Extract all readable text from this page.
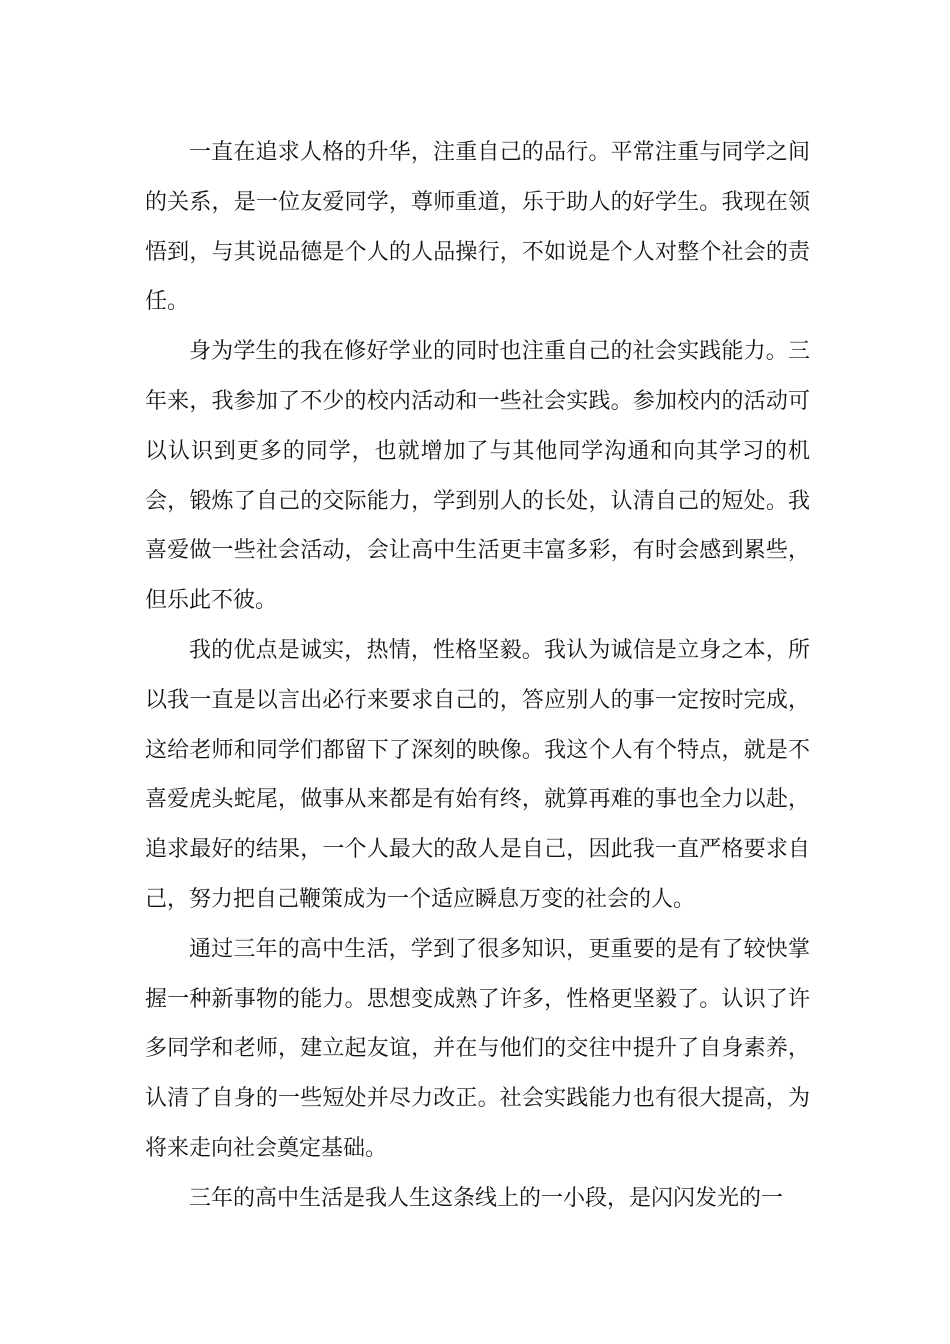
一直在追求人格的升华，注重自己的品行。平常注重与同学之间的关系，是一位友爱同学，尊师重道，乐于助人的好学生。我现在领悟到，与其说品德是个人的人品操行，不如说是个人对整个社会的责任。

身为学生的我在修好学业的同时也注重自己的社会实践能力。三年来，我参加了不少的校内活动和一些社会实践。参加校内的活动可以认识到更多的同学，也就增加了与其他同学沟通和向其学习的机会，锻炼了自己的交际能力，学到别人的长处，认清自己的短处。我喜爱做一些社会活动，会让高中生活更丰富多彩，有时会感到累些，但乐此不彼。

我的优点是诚实，热情，性格坚毅。我认为诚信是立身之本，所以我一直是以言出必行来要求自己的，答应别人的事一定按时完成，这给老师和同学们都留下了深刻的映像。我这个人有个特点，就是不喜爱虎头蛇尾，做事从来都是有始有终，就算再难的事也全力以赴，追求最好的结果，一个人最大的敌人是自己，因此我一直严格要求自己，努力把自己鞭策成为一个适应瞬息万变的社会的人。

通过三年的高中生活，学到了很多知识，更重要的是有了较快掌握一种新事物的能力。思想变成熟了许多，性格更坚毅了。认识了许多同学和老师，建立起友谊，并在与他们的交往中提升了自身素养，认清了自身的一些短处并尽力改正。社会实践能力也有很大提高，为将来走向社会奠定基础。

三年的高中生活是我人生这条线上的一小段，是闪闪发光的一
